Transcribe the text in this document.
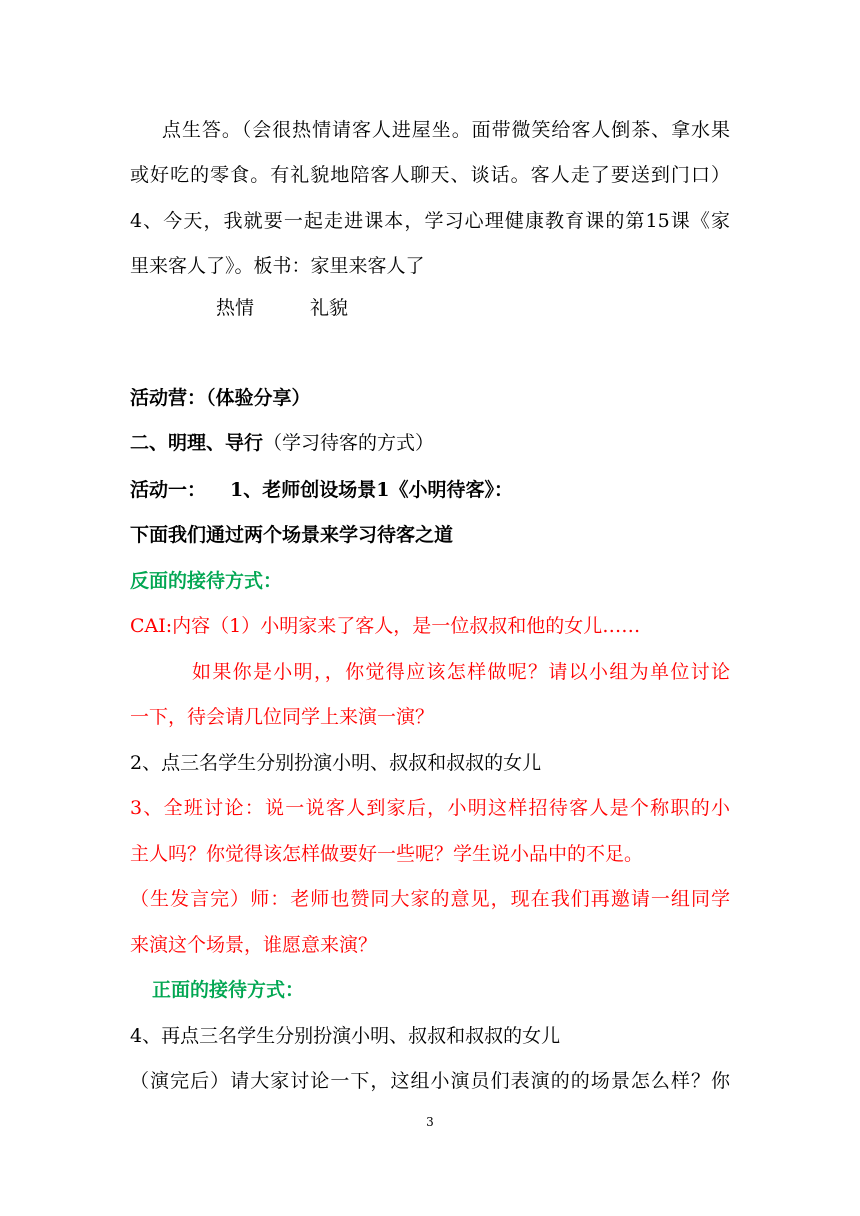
点生答。（会很热情请客人进屋坐。面带微笑给客人倒茶、拿水果
或好吃的零食。有礼貌地陪客人聊天、谈话。客人走了要送到门口）
4、今天，我就要一起走进课本，学习心理健康教育课的第15课《家
里来客人了》。板书：家里来客人了
热情	礼貌
活动营：（体验分享）
二、明理、导行（学习待客的方式）
活动一： 1、老师创设场景1《小明待客》：
下面我们通过两个场景来学习待客之道
反面的接待方式：
CAI:内容（1）小明家来了客人，是一位叔叔和他的女儿……
如果你是小明，，你觉得应该怎样做呢？请以小组为单位讨论
一下，待会请几位同学上来演一演？
2、点三名学生分别扮演小明、叔叔和叔叔的女儿
3、全班讨论：说一说客人到家后，小明这样招待客人是个称职的小
主人吗？你觉得该怎样做要好一些呢？学生说小品中的不足。
（生发言完）师：老师也赞同大家的意见，现在我们再邀请一组同学
来演这个场景，谁愿意来演？
正面的接待方式：
4、再点三名学生分别扮演小明、叔叔和叔叔的女儿
（演完后）请大家讨论一下，这组小演员们表演的的场景怎么样？你
3
